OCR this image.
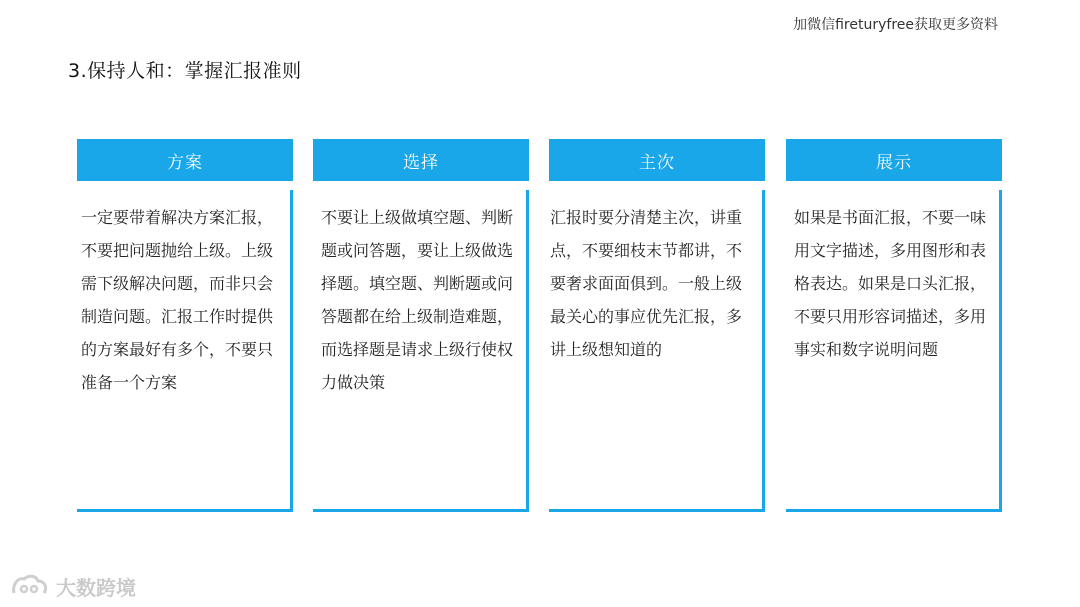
加微信fireturyfree获取更多资料
3.保持人和：掌握汇报准则
方案
一定要带着解决方案汇报，不要把问题抛给上级。上级需下级解决问题，而非只会制造问题。汇报工作时提供的方案最好有多个，不要只准备一个方案
选择
不要让上级做填空题、判断题或问答题，要让上级做选择题。填空题、判断题或问答题都在给上级制造难题，而选择题是请求上级行使权力做决策
主次
汇报时要分清楚主次，讲重点，不要细枝末节都讲，不要奢求面面俱到。一般上级最关心的事应优先汇报，多讲上级想知道的
展示
如果是书面汇报，不要一味用文字描述，多用图形和表格表达。如果是口头汇报，不要只用形容词描述，多用事实和数字说明问题
大数跨境
